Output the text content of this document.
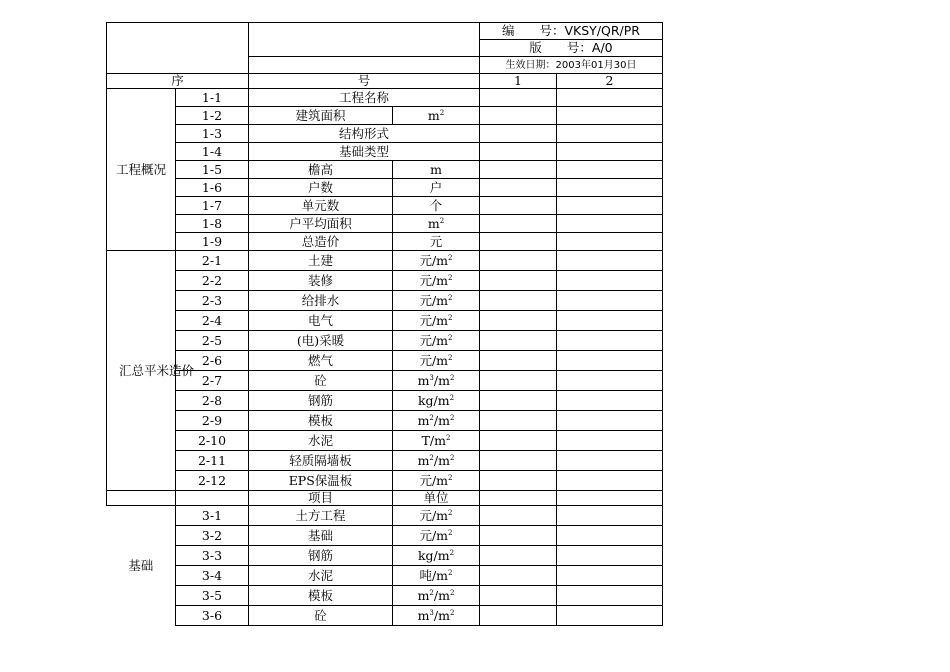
				编　　号：VKSY/QR/PR	
				版　　号：A/0	
				生效日期：2003年01月30日	
序		号		1	2
工程概况	1-1	工程名称			
	1-2	建筑面积	$m^2$		
	1-3	结构形式			
	1-4	基础类型			
	1-5	檐高	m		
	1-6	户数	户		
	1-7	单元数	个		
	1-8	户平均面积	$m^2$		
	1-9	总造价	元		
汇总平米造价	2-1	土建	元$/m^2$		
	2-2	装修	元$/m^2$		
	2-3	给排水	元$/m^2$		
	2-4	电气	元$/m^2$		
	2-5	(电)采暖	元$/m^2$		
	2-6	燃气	元$/m^2$		
	2-7	砼	$m^3/m^2$		
	2-8	钢筋	$kg/m^2$		
	2-9	模板	$m^2/m^2$		
	2-10	水泥	$T/m^2$		
	2-11	轻质隔墙板	$m^2/m^2$		
	2-12	EPS保温板	元$/m^2$		
		项目	单位		
基础	3-1	土方工程	元$/m^2$		
	3-2	基础	元$/m^2$		
	3-3	钢筋	$kg/m^2$		
	3-4	水泥	吨$/m^2$		
	3-5	模板	$m^2/m^2$		
	3-6	砼	$m^3/m^2$		
